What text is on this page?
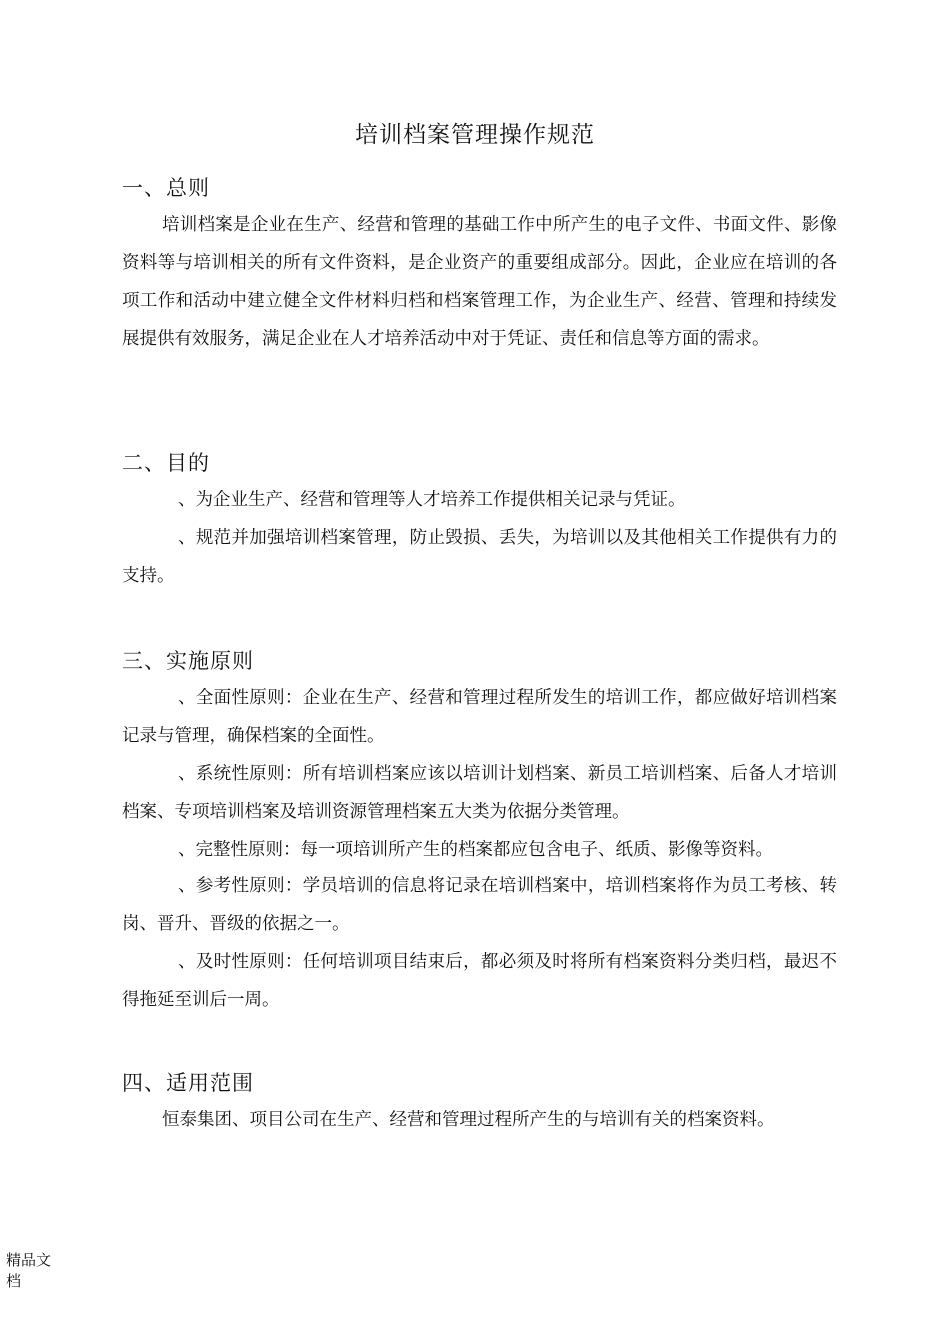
培训档案管理操作规范
一、总则
培训档案是企业在生产、经营和管理的基础工作中所产生的电子文件、书面文件、影像资料等与培训相关的所有文件资料，是企业资产的重要组成部分。因此，企业应在培训的各项工作和活动中建立健全文件材料归档和档案管理工作，为企业生产、经营、管理和持续发展提供有效服务，满足企业在人才培养活动中对于凭证、责任和信息等方面的需求。
二、目的
、为企业生产、经营和管理等人才培养工作提供相关记录与凭证。
、规范并加强培训档案管理，防止毁损、丢失，为培训以及其他相关工作提供有力的支持。
三、实施原则
、全面性原则：企业在生产、经营和管理过程所发生的培训工作，都应做好培训档案记录与管理，确保档案的全面性。
、系统性原则：所有培训档案应该以培训计划档案、新员工培训档案、后备人才培训档案、专项培训档案及培训资源管理档案五大类为依据分类管理。
、完整性原则：每一项培训所产生的档案都应包含电子、纸质、影像等资料。
、参考性原则：学员培训的信息将记录在培训档案中，培训档案将作为员工考核、转岗、晋升、晋级的依据之一。
、及时性原则：任何培训项目结束后，都必须及时将所有档案资料分类归档，最迟不得拖延至训后一周。
四、适用范围
恒泰集团、项目公司在生产、经营和管理过程所产生的与培训有关的档案资料。
精品文
档
